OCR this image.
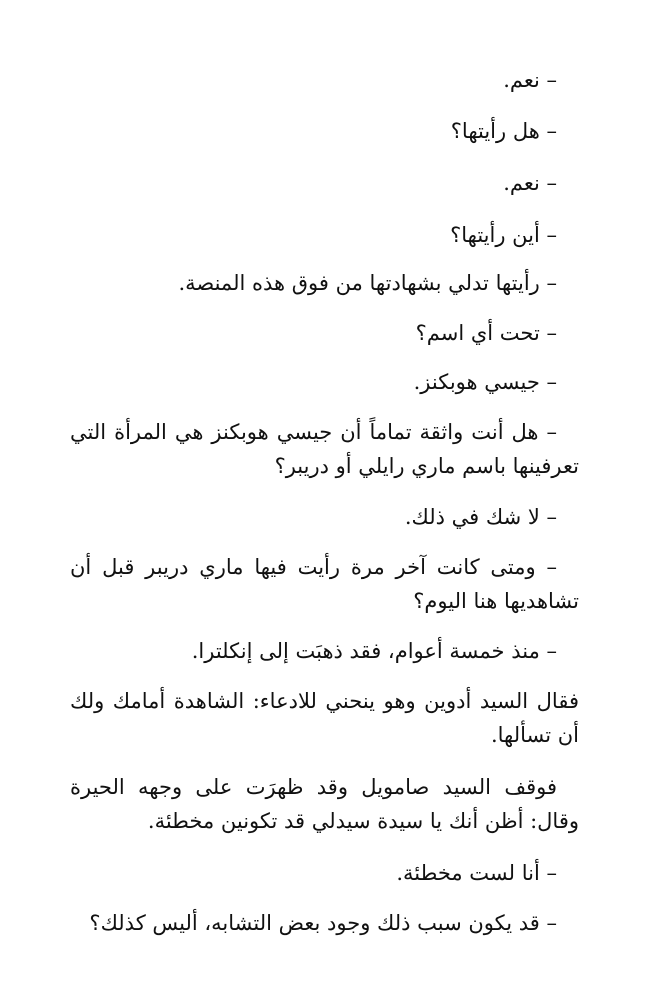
– نعم.

– هل رأيتها؟

– نعم.

– أين رأيتها؟

– رأيتها تدلي بشهادتها من فوق هذه المنصة.

– تحت أي اسم؟

– جيسي هوبكنز.

– هل أنت واثقة تماماً أن جيسي هوبكنز هي المرأة التي تعرفينها باسم ماري رايلي أو دريبر؟

– لا شك في ذلك.

– ومتى كانت آخر مرة رأيت فيها ماري دريبر قبل أن تشاهديها هنا اليوم؟

– منذ خمسة أعوام، فقد ذهبَت إلى إنكلترا.

فقال السيد أدوين وهو ينحني للادعاء: الشاهدة أمامك ولك أن تسألها.

فوقف السيد صامويل وقد ظهرَت على وجهه الحيرة وقال: أظن أنك يا سيدة سيدلي قد تكونين مخطئة.

– أنا لست مخطئة.

– قد يكون سبب ذلك وجود بعض التشابه، أليس كذلك؟
